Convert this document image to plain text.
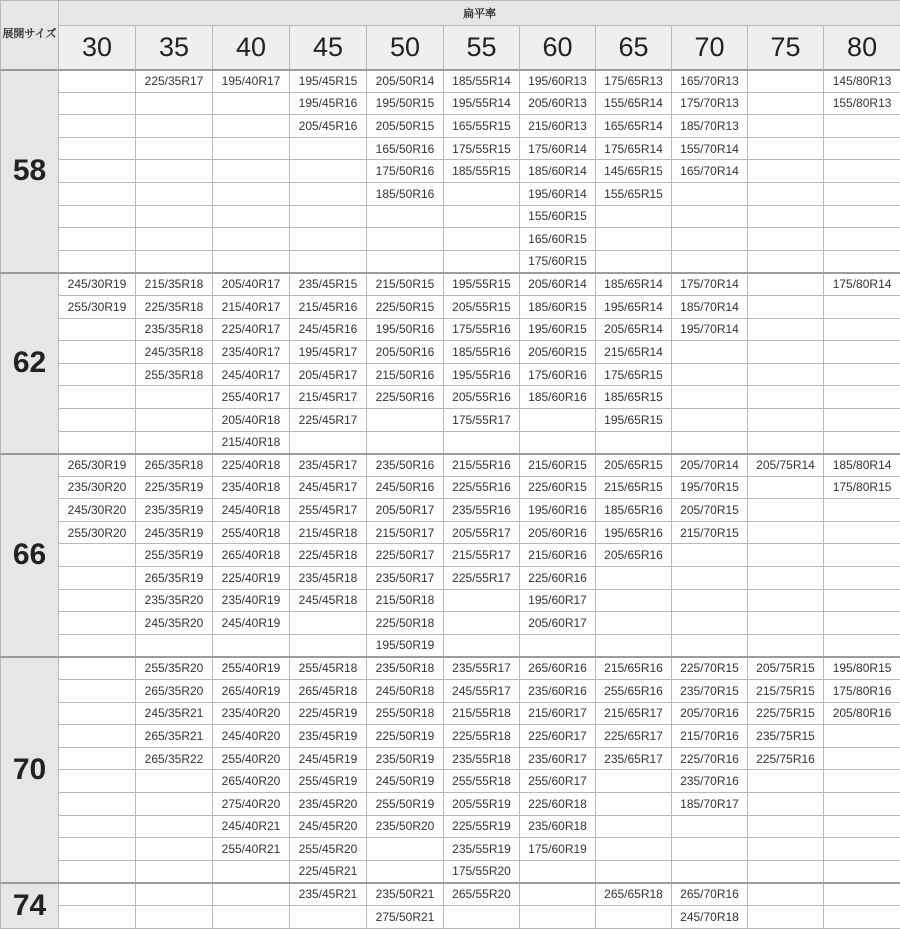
展開サイズ	扁平率										
	30	35	40	45	50	55	60	65	70	75	80
58		225/35R17	195/40R17	195/45R15	205/50R14	185/55R14	195/60R13	175/65R13	165/70R13		145/80R13
				195/45R16	195/50R15	195/55R14	205/60R13	155/65R14	175/70R13		155/80R13
				205/45R16	205/50R15	165/55R15	215/60R13	165/65R14	185/70R13		
					165/50R16	175/55R15	175/60R14	175/65R14	155/70R14		
					175/50R16	185/55R15	185/60R14	145/65R15	165/70R14		
					185/50R16		195/60R14	155/65R15			
							155/60R15				
							165/60R15				
							175/60R15				
62	245/30R19	215/35R18	205/40R17	235/45R15	215/50R15	195/55R15	205/60R14	185/65R14	175/70R14		175/80R14
	255/30R19	225/35R18	215/40R17	215/45R16	225/50R15	205/55R15	185/60R15	195/65R14	185/70R14		
		235/35R18	225/40R17	245/45R16	195/50R16	175/55R16	195/60R15	205/65R14	195/70R14		
		245/35R18	235/40R17	195/45R17	205/50R16	185/55R16	205/60R15	215/65R14			
		255/35R18	245/40R17	205/45R17	215/50R16	195/55R16	175/60R16	175/65R15			
			255/40R17	215/45R17	225/50R16	205/55R16	185/60R16	185/65R15			
			205/40R18	225/45R17		175/55R17		195/65R15			
			215/40R18								
66	265/30R19	265/35R18	225/40R18	235/45R17	235/50R16	215/55R16	215/60R15	205/65R15	205/70R14	205/75R14	185/80R14
	235/30R20	225/35R19	235/40R18	245/45R17	245/50R16	225/55R16	225/60R15	215/65R15	195/70R15		175/80R15
	245/30R20	235/35R19	245/40R18	255/45R17	205/50R17	235/55R16	195/60R16	185/65R16	205/70R15		
	255/30R20	245/35R19	255/40R18	215/45R18	215/50R17	205/55R17	205/60R16	195/65R16	215/70R15		
		255/35R19	265/40R18	225/45R18	225/50R17	215/55R17	215/60R16	205/65R16			
		265/35R19	225/40R19	235/45R18	235/50R17	225/55R17	225/60R16				
		235/35R20	235/40R19	245/45R18	215/50R18		195/60R17				
		245/35R20	245/40R19		225/50R18		205/60R17				
					195/50R19						
70		255/35R20	255/40R19	255/45R18	235/50R18	235/55R17	265/60R16	215/65R16	225/70R15	205/75R15	195/80R15
		265/35R20	265/40R19	265/45R18	245/50R18	245/55R17	235/60R16	255/65R16	235/70R15	215/75R15	175/80R16
		245/35R21	235/40R20	225/45R19	255/50R18	215/55R18	215/60R17	215/65R17	205/70R16	225/75R15	205/80R16
		265/35R21	245/40R20	235/45R19	225/50R19	225/55R18	225/60R17	225/65R17	215/70R16	235/75R15	
		265/35R22	255/40R20	245/45R19	235/50R19	235/55R18	235/60R17	235/65R17	225/70R16	225/75R16	
			265/40R20	255/45R19	245/50R19	255/55R18	255/60R17		235/70R16		
			275/40R20	235/45R20	255/50R19	205/55R19	225/60R18		185/70R17		
			245/40R21	245/45R20	235/50R20	225/55R19	235/60R18				
			255/40R21	255/45R20		235/55R19	175/60R19				
				225/45R21		175/55R20					
74				235/45R21	235/50R21	265/55R20		265/65R18	265/70R16		
					275/50R21				245/70R18		
